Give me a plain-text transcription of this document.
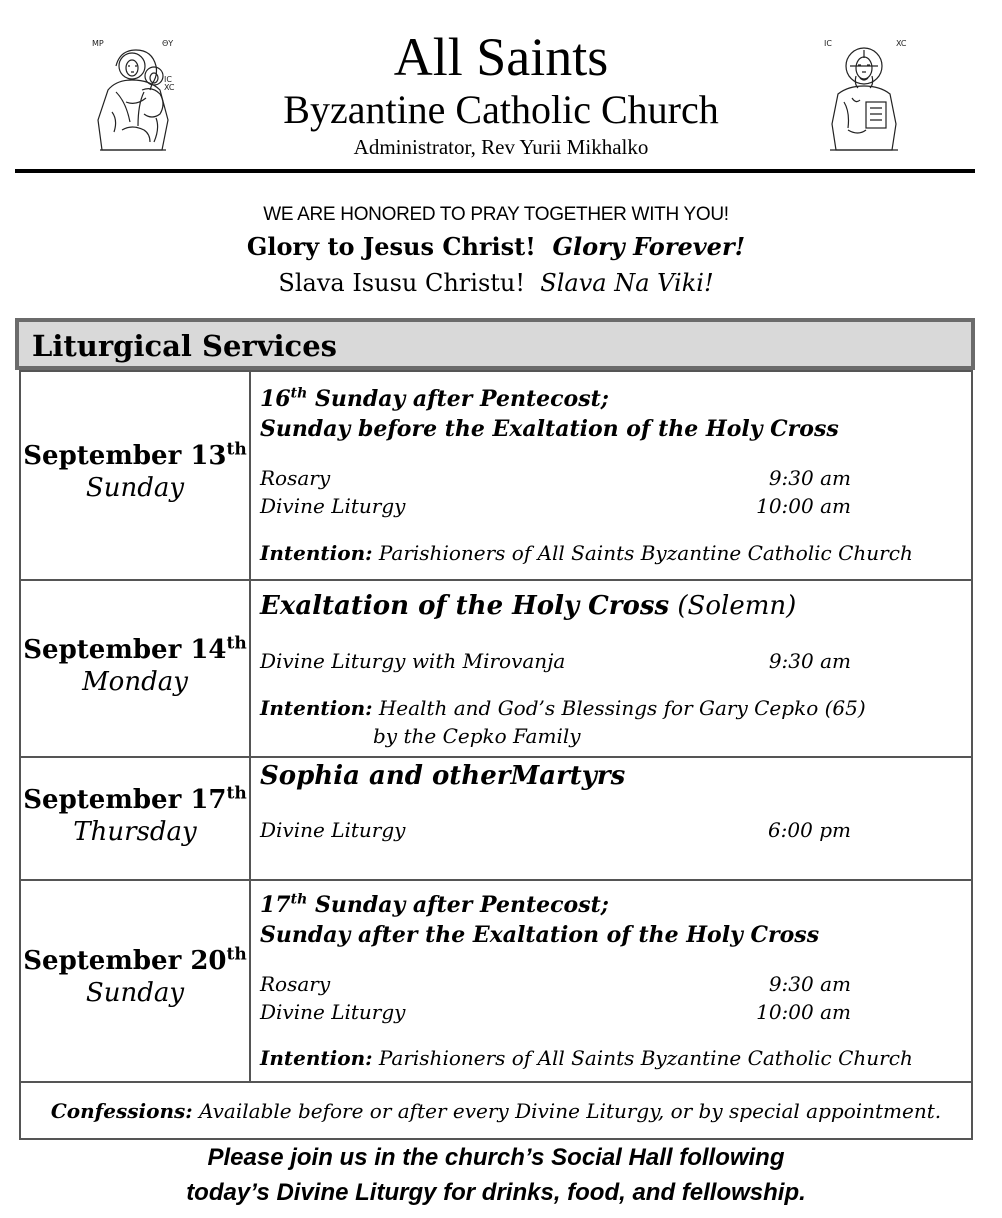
MP	ΘΥ
IC
XC
All Saints
Byzantine Catholic Church
Administrator, Rev Yurii Mikhalko
IC	XC
WE ARE HONORED TO PRAY TOGETHER WITH YOU!
Glory to Jesus Christ! Glory Forever!
Slava Isusu Christu! Slava Na Viki!
Liturgical Services
September 13th
Sunday
16th Sunday after Pentecost;
Sunday before the Exaltation of the Holy Cross
Rosary	9:30 am
Divine Liturgy	10:00 am
Intention: Parishioners of All Saints Byzantine Catholic Church
September 14th
Monday
Exaltation of the Holy Cross (Solemn)
Divine Liturgy with Mirovanja	9:30 am
Intention: Health and God’s Blessings for Gary Cepko (65)
by the Cepko Family
September 17th
Thursday
Sophia and otherMartyrs
Divine Liturgy	6:00 pm
September 20th
Sunday
17th Sunday after Pentecost;
Sunday after the Exaltation of the Holy Cross
Rosary	9:30 am
Divine Liturgy	10:00 am
Intention: Parishioners of All Saints Byzantine Catholic Church
Confessions: Available before or after every Divine Liturgy, or by special appointment.
Please join us in the church’s Social Hall following
today’s Divine Liturgy for drinks, food, and fellowship.
